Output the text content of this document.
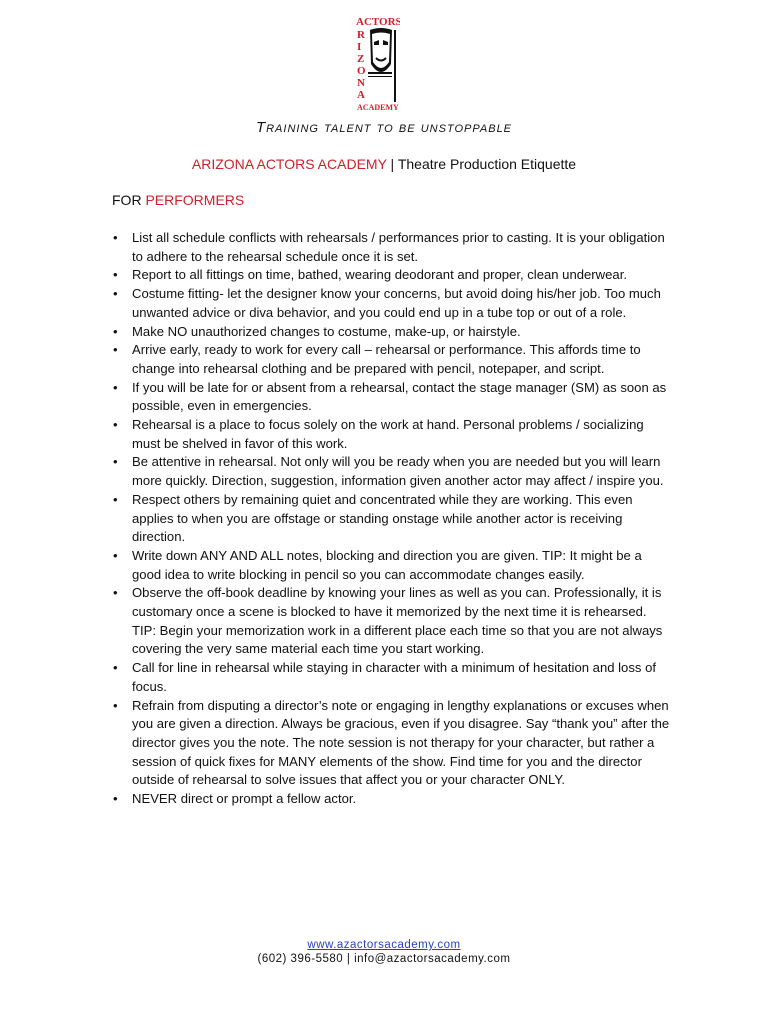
ACTORS
R
I
Z
O
N
A
ACADEMY
Training talent to be unstoppable
ARIZONA ACTORS ACADEMY | Theatre Production Etiquette
FOR PERFORMERS
• List all schedule conflicts with rehearsals / performances prior to casting. It is your obligation to adhere to the rehearsal schedule once it is set.
• Report to all fittings on time, bathed, wearing deodorant and proper, clean underwear.
• Costume fitting- let the designer know your concerns, but avoid doing his/her job. Too much unwanted advice or diva behavior, and you could end up in a tube top or out of a role.
• Make NO unauthorized changes to costume, make-up, or hairstyle.
• Arrive early, ready to work for every call – rehearsal or performance. This affords time to change into rehearsal clothing and be prepared with pencil, notepaper, and script.
• If you will be late for or absent from a rehearsal, contact the stage manager (SM) as soon as possible, even in emergencies.
• Rehearsal is a place to focus solely on the work at hand. Personal problems / socializing must be shelved in favor of this work.
• Be attentive in rehearsal. Not only will you be ready when you are needed but you will learn more quickly. Direction, suggestion, information given another actor may affect / inspire you.
• Respect others by remaining quiet and concentrated while they are working. This even applies to when you are offstage or standing onstage while another actor is receiving direction.
• Write down ANY AND ALL notes, blocking and direction you are given. TIP: It might be a good idea to write blocking in pencil so you can accommodate changes easily.
• Observe the off-book deadline by knowing your lines as well as you can. Professionally, it is customary once a scene is blocked to have it memorized by the next time it is rehearsed. TIP: Begin your memorization work in a different place each time so that you are not always covering the very same material each time you start working.
• Call for line in rehearsal while staying in character with a minimum of hesitation and loss of focus.
• Refrain from disputing a director’s note or engaging in lengthy explanations or excuses when you are given a direction. Always be gracious, even if you disagree. Say “thank you” after the director gives you the note. The note session is not therapy for your character, but rather a session of quick fixes for MANY elements of the show. Find time for you and the director outside of rehearsal to solve issues that affect you or your character ONLY.
• NEVER direct or prompt a fellow actor.
www.azactorsacademy.com
(602) 396-5580 | info@azactorsacademy.com
